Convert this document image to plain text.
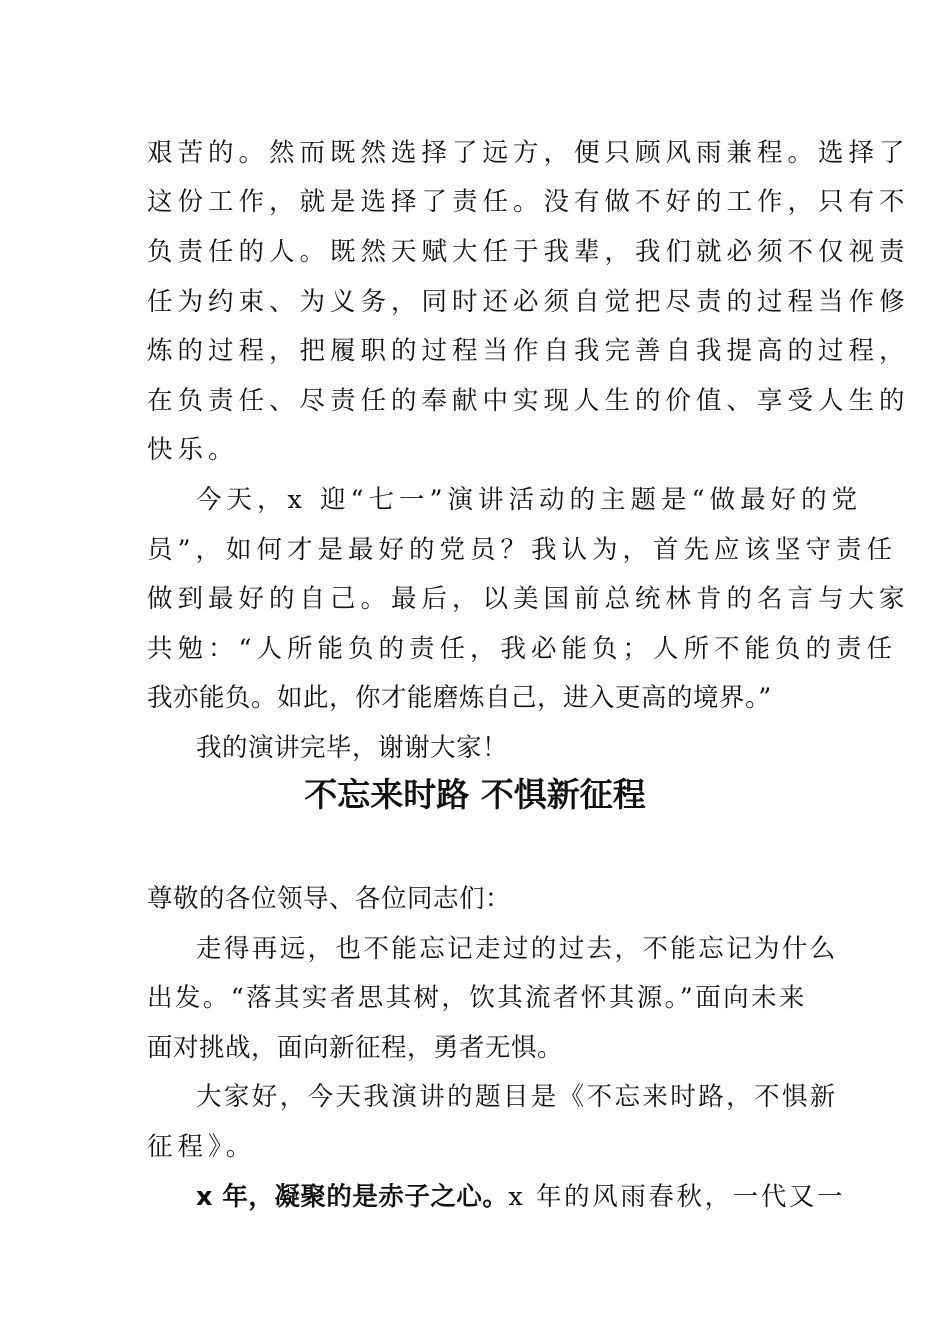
艰苦的。然而既然选择了远方，便只顾风雨兼程。选择了
这份工作，就是选择了责任。没有做不好的工作，只有不
负责任的人。既然天赋大任于我辈，我们就必须不仅视责
任为约束、为义务，同时还必须自觉把尽责的过程当作修
炼的过程，把履职的过程当作自我完善自我提高的过程，
在负责任、尽责任的奉献中实现人生的价值、享受人生的
快乐。
今天，x 迎“七一”演讲活动的主题是“做最好的党
员”，如何才是最好的党员？我认为，首先应该坚守责任
做到最好的自己。最后，以美国前总统林肯的名言与大家
共勉：“人所能负的责任，我必能负；人所不能负的责任
我亦能负。如此，你才能磨炼自己，进入更高的境界。”
我的演讲完毕，谢谢大家！
不忘来时路 不惧新征程
尊敬的各位领导、各位同志们：
走得再远，也不能忘记走过的过去，不能忘记为什么
出发。“落其实者思其树，饮其流者怀其源。”面向未来
面对挑战，面向新征程，勇者无惧。
大家好，今天我演讲的题目是《不忘来时路，不惧新
征程》。
x 年，凝聚的是赤子之心。x 年的风雨春秋，一代又一
